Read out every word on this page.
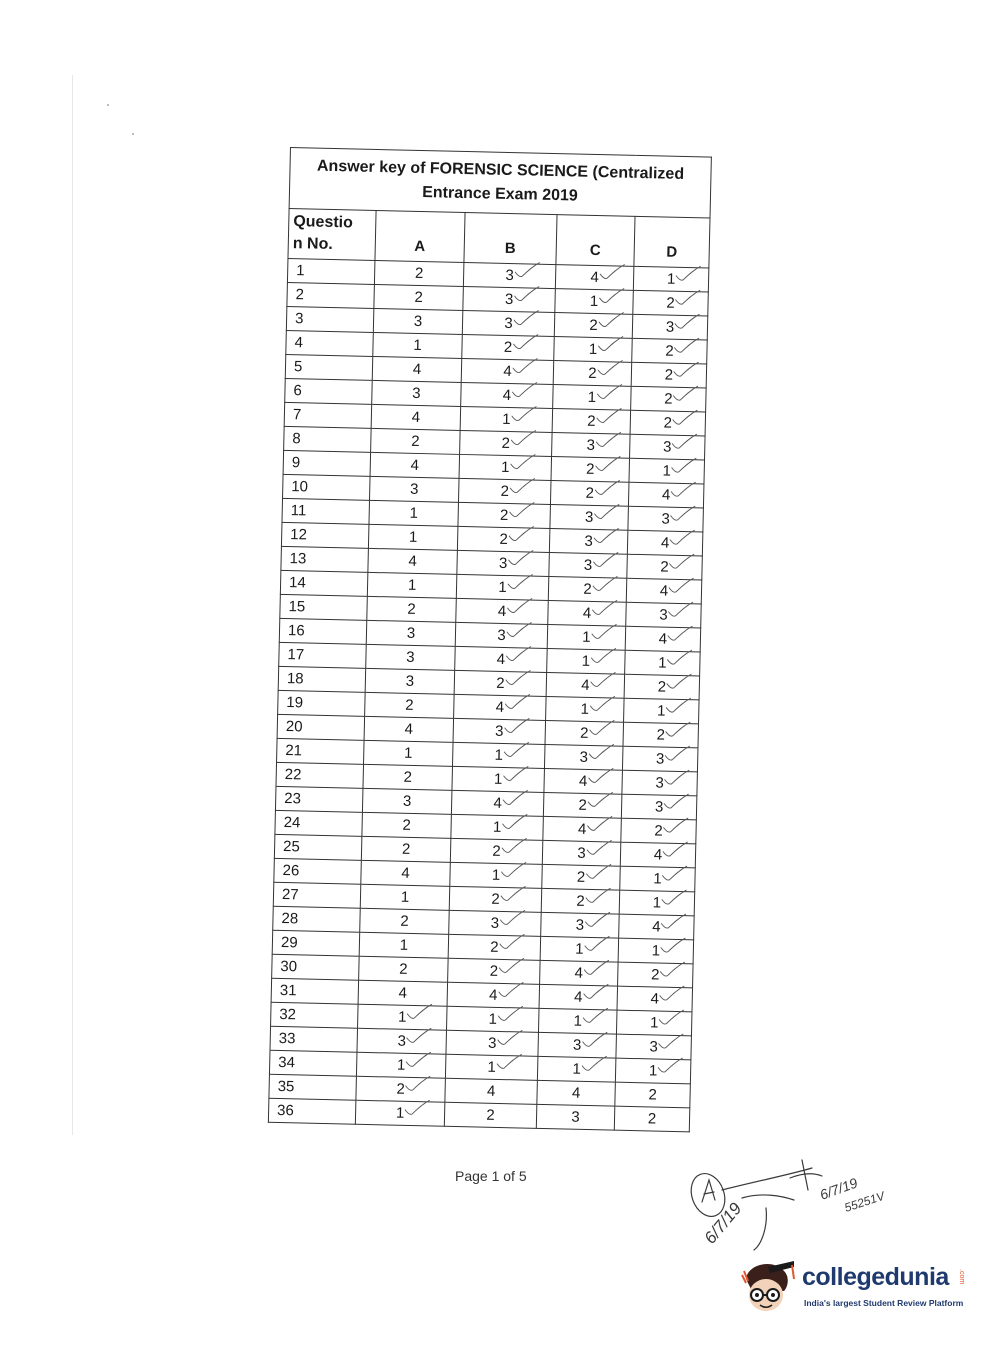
Answer key of FORENSIC SCIENCE (Centralized
Entrance Exam 2019				
Questio
n No.	A	B	C	D
1	2	3	4	1

2	2	3	1	2

3	3	3	2	3

4	1	2	1	2

5	4	4	2	2

6	3	4	1	2

7	4	1	2	2

8	2	2	3	3

9	4	1	2	1

10	3	2	2	4

11	1	2	3	3

12	1	2	3	4

13	4	3	3	2

14	1	1	2	4

15	2	4	4	3

16	3	3	1	4

17	3	4	1	1

18	3	2	4	2

19	2	4	1	1

20	4	3	2	2

21	1	1	3	3

22	2	1	4	3

23	3	4	2	3

24	2	1	4	2

25	2	2	3	4

26	4	1	2	1

27	1	2	2	1

28	2	3	3	4

29	1	2	1	1

30	2	2	4	2

31	4	4	4	4

32	1	1	1	1

33	3	3	3	3

34	1	1	1	1

35	2	4	4	2
36	1	2	3	2
Page 1 of 5
6/7/19
6/7/19
55251V
collegedunia .com
India's largest Student Review Platform
